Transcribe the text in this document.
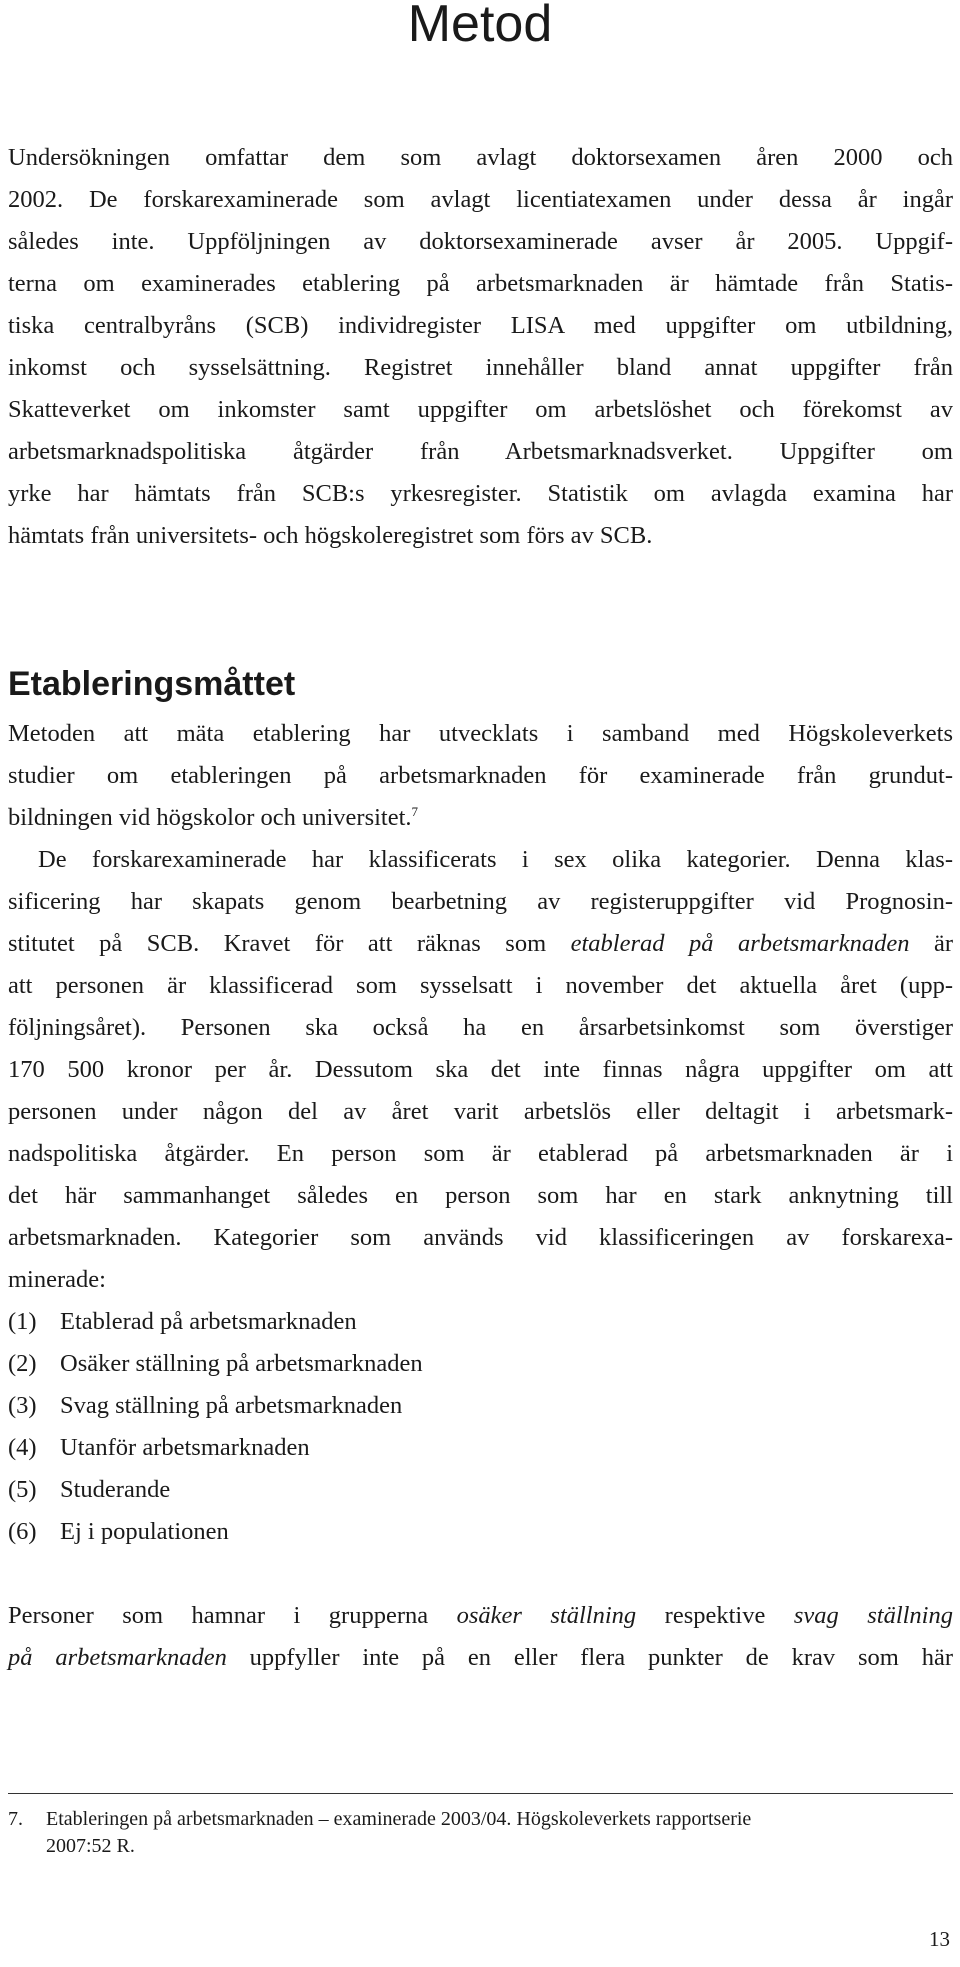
Metod
Undersökningen omfattar dem som avlagt doktorsexamen åren 2000 och
2002. De forskarexaminerade som avlagt licentiatexamen under dessa år ingår
således inte. Uppföljningen av doktorsexaminerade avser år 2005. Uppgif-
terna om examinerades etablering på arbetsmarknaden är hämtade från Statis-
tiska centralbyråns (SCB) individregister LISA med uppgifter om utbildning,
inkomst och sysselsättning. Registret innehåller bland annat uppgifter från
Skatteverket om inkomster samt uppgifter om arbetslöshet och förekomst av
arbetsmarknadspolitiska åtgärder från Arbetsmarknadsverket. Uppgifter om
yrke har hämtats från SCB:s yrkesregister. Statistik om avlagda examina har
hämtats från universitets- och högskoleregistret som förs av SCB.
Etableringsmåttet
Metoden att mäta etablering har utvecklats i samband med Högskoleverkets
studier om etableringen på arbetsmarknaden för examinerade från grundut-
bildningen vid högskolor och universitet.$^7$
De forskarexaminerade har klassificerats i sex olika kategorier. Denna klas-
sificering har skapats genom bearbetning av registeruppgifter vid Prognosin-
stitutet på SCB. Kravet för att räknas som etablerad på arbetsmarknaden är
att personen är klassificerad som sysselsatt i november det aktuella året (upp-
följningsåret). Personen ska också ha en årsarbetsinkomst som överstiger
170 500 kronor per år. Dessutom ska det inte finnas några uppgifter om att
personen under någon del av året varit arbetslös eller deltagit i arbetsmark-
nadspolitiska åtgärder. En person som är etablerad på arbetsmarknaden är i
det här sammanhanget således en person som har en stark anknytning till
arbetsmarknaden. Kategorier som används vid klassificeringen av forskarexa-
minerade:
(1) Etablerad på arbetsmarknaden
(2) Osäker ställning på arbetsmarknaden
(3) Svag ställning på arbetsmarknaden
(4) Utanför arbetsmarknaden
(5) Studerande
(6) Ej i populationen
Personer som hamnar i grupperna osäker ställning respektive svag ställning
på arbetsmarknaden uppfyller inte på en eller flera punkter de krav som här
7. Etableringen på arbetsmarknaden – examinerade 2003/04. Högskoleverkets rapportserie
2007:52 R.
13
